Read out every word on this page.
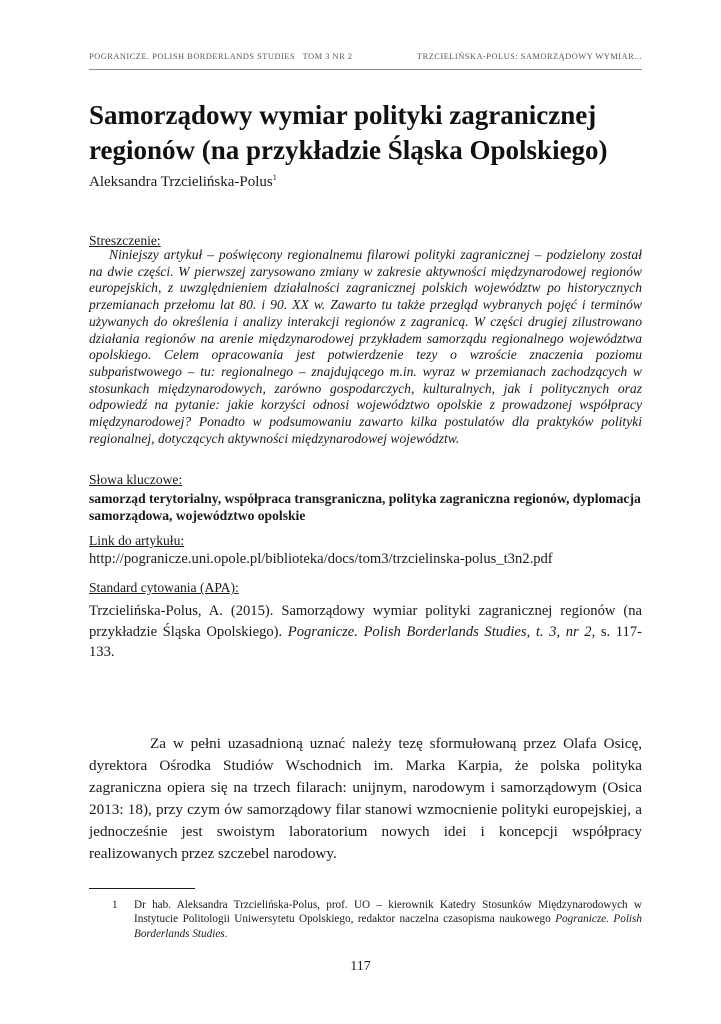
POGRANICZE. POLISH BORDERLANDS STUDIES   TOM 3 NR 2	TRZCIELIŃSKA-POLUS: SAMORZĄDOWY WYMIAR...
Samorządowy wymiar polityki zagranicznej
regionów (na przykładzie Śląska Opolskiego)
Aleksandra Trzcielińska-Polus$^1$
Streszczenie:

Niniejszy artykuł – poświęcony regionalnemu filarowi polityki zagranicznej – podzielony został na dwie części. W pierwszej zarysowano zmiany w zakresie aktywności międzynarodowej regionów europejskich, z uwzględnieniem działalności zagranicznej polskich województw po historycznych przemianach przełomu lat 80. i 90. XX w. Zawarto tu także przegląd wybranych pojęć i terminów używanych do określenia i analizy interakcji regionów z zagranicą. W części drugiej zilustrowano działania regionów na arenie międzynarodowej przykładem samorządu regionalnego województwa opolskiego. Celem opracowania jest potwierdzenie tezy o wzroście znaczenia poziomu subpaństwowego – tu: regionalnego – znajdującego m.in. wyraz w przemianach zachodzących w stosunkach międzynarodowych, zarówno gospodarczych, kulturalnych, jak i politycznych oraz odpowiedź na pytanie: jakie korzyści odnosi województwo opolskie z prowadzonej współpracy międzynarodowej? Ponadto w podsumowaniu zawarto kilka postulatów dla praktyków polityki regionalnej, dotyczących aktywności międzynarodowej województw.

Słowa kluczowe:

samorząd terytorialny, współpraca transgraniczna, polityka zagraniczna regionów, dyplomacja samorządowa, województwo opolskie

Link do artykułu:
http://pogranicze.uni.opole.pl/biblioteka/docs/tom3/trzcielinska-polus_t3n2.pdf
Standard cytowania (APA):

Trzcielińska-Polus, A. (2015). Samorządowy wymiar polityki zagranicznej regionów (na przykładzie Śląska Opolskiego). Pogranicze. Polish Borderlands Studies, t. 3, nr 2, s. 117-133.

Za w pełni uzasadnioną uznać należy tezę sformułowaną przez Olafa Osicę, dyrektora Ośrodka Studiów Wschodnich im. Marka Karpia, że polska polityka zagraniczna opiera się na trzech filarach: unijnym, narodowym i samorządowym (Osica 2013: 18), przy czym ów samorządowy filar stanowi wzmocnienie polityki europejskiej, a jednocześnie jest swoistym laboratorium nowych idei i koncepcji współpracy realizowanych przez szczebel narodowy.

1	Dr hab. Aleksandra Trzcielińska-Polus, prof. UO – kierownik Katedry Stosunków Międzynarodowych w Instytucie Politologii Uniwersytetu Opolskiego, redaktor naczelna czasopisma naukowego Pogranicze. Polish Borderlands Studies.
117
